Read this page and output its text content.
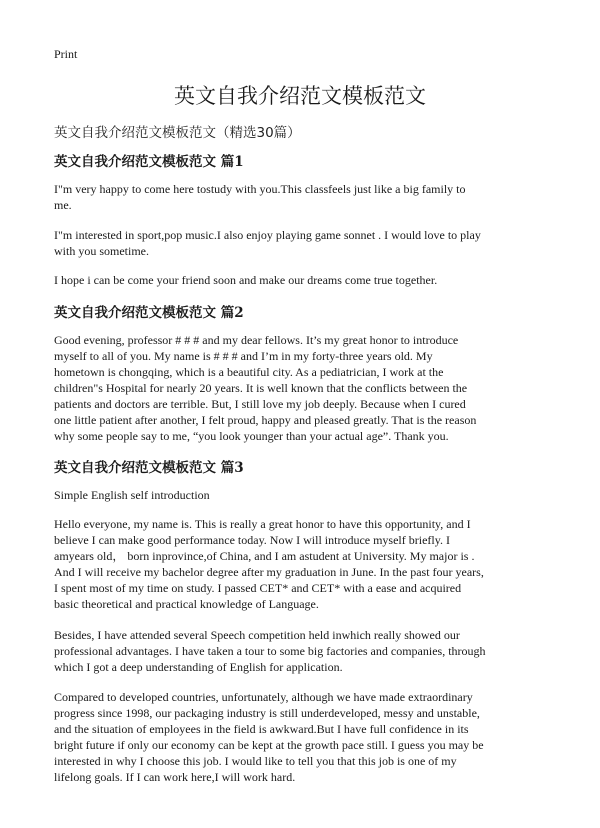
Print
英文自我介绍范文模板范文
英文自我介绍范文模板范文（精选30篇）
英文自我介绍范文模板范文 篇1
I"m very happy to come here tostudy with you.This classfeels just like a big family to
me.
I"m interested in sport,pop music.I also enjoy playing game sonnet . I would love to play
with you sometime.
I hope i can be come your friend soon and make our dreams come true together.
英文自我介绍范文模板范文 篇2
Good evening, professor # # # and my dear fellows. It’s my great honor to introduce
myself to all of you. My name is # # # and I’m in my forty-three years old. My
hometown is chongqing, which is a beautiful city. As a pediatrician, I work at the
children"s Hospital for nearly 20 years. It is well known that the conflicts between the
patients and doctors are terrible. But, I still love my job deeply. Because when I cured
one little patient after another, I felt proud, happy and pleased greatly. That is the reason
why some people say to me, “you look younger than your actual age”. Thank you.
英文自我介绍范文模板范文 篇3
Simple English self introduction
Hello everyone, my name is. This is really a great honor to have this opportunity, and I
believe I can make good performance today. Now I will introduce myself briefly. I
amyears old， born inprovince,of China, and I am astudent at University. My major is .
And I will receive my bachelor degree after my graduation in June. In the past four years,
I spent most of my time on study. I passed CET* and CET* with a ease and acquired
basic theoretical and practical knowledge of Language.
Besides, I have attended several Speech competition held inwhich really showed our
professional advantages. I have taken a tour to some big factories and companies, through
which I got a deep understanding of English for application.
Compared to developed countries, unfortunately, although we have made extraordinary
progress since 1998, our packaging industry is still underdeveloped, messy and unstable,
and the situation of employees in the field is awkward.But I have full confidence in its
bright future if only our economy can be kept at the growth pace still. I guess you may be
interested in why I choose this job. I would like to tell you that this job is one of my
lifelong goals. If I can work here,I will work hard.
